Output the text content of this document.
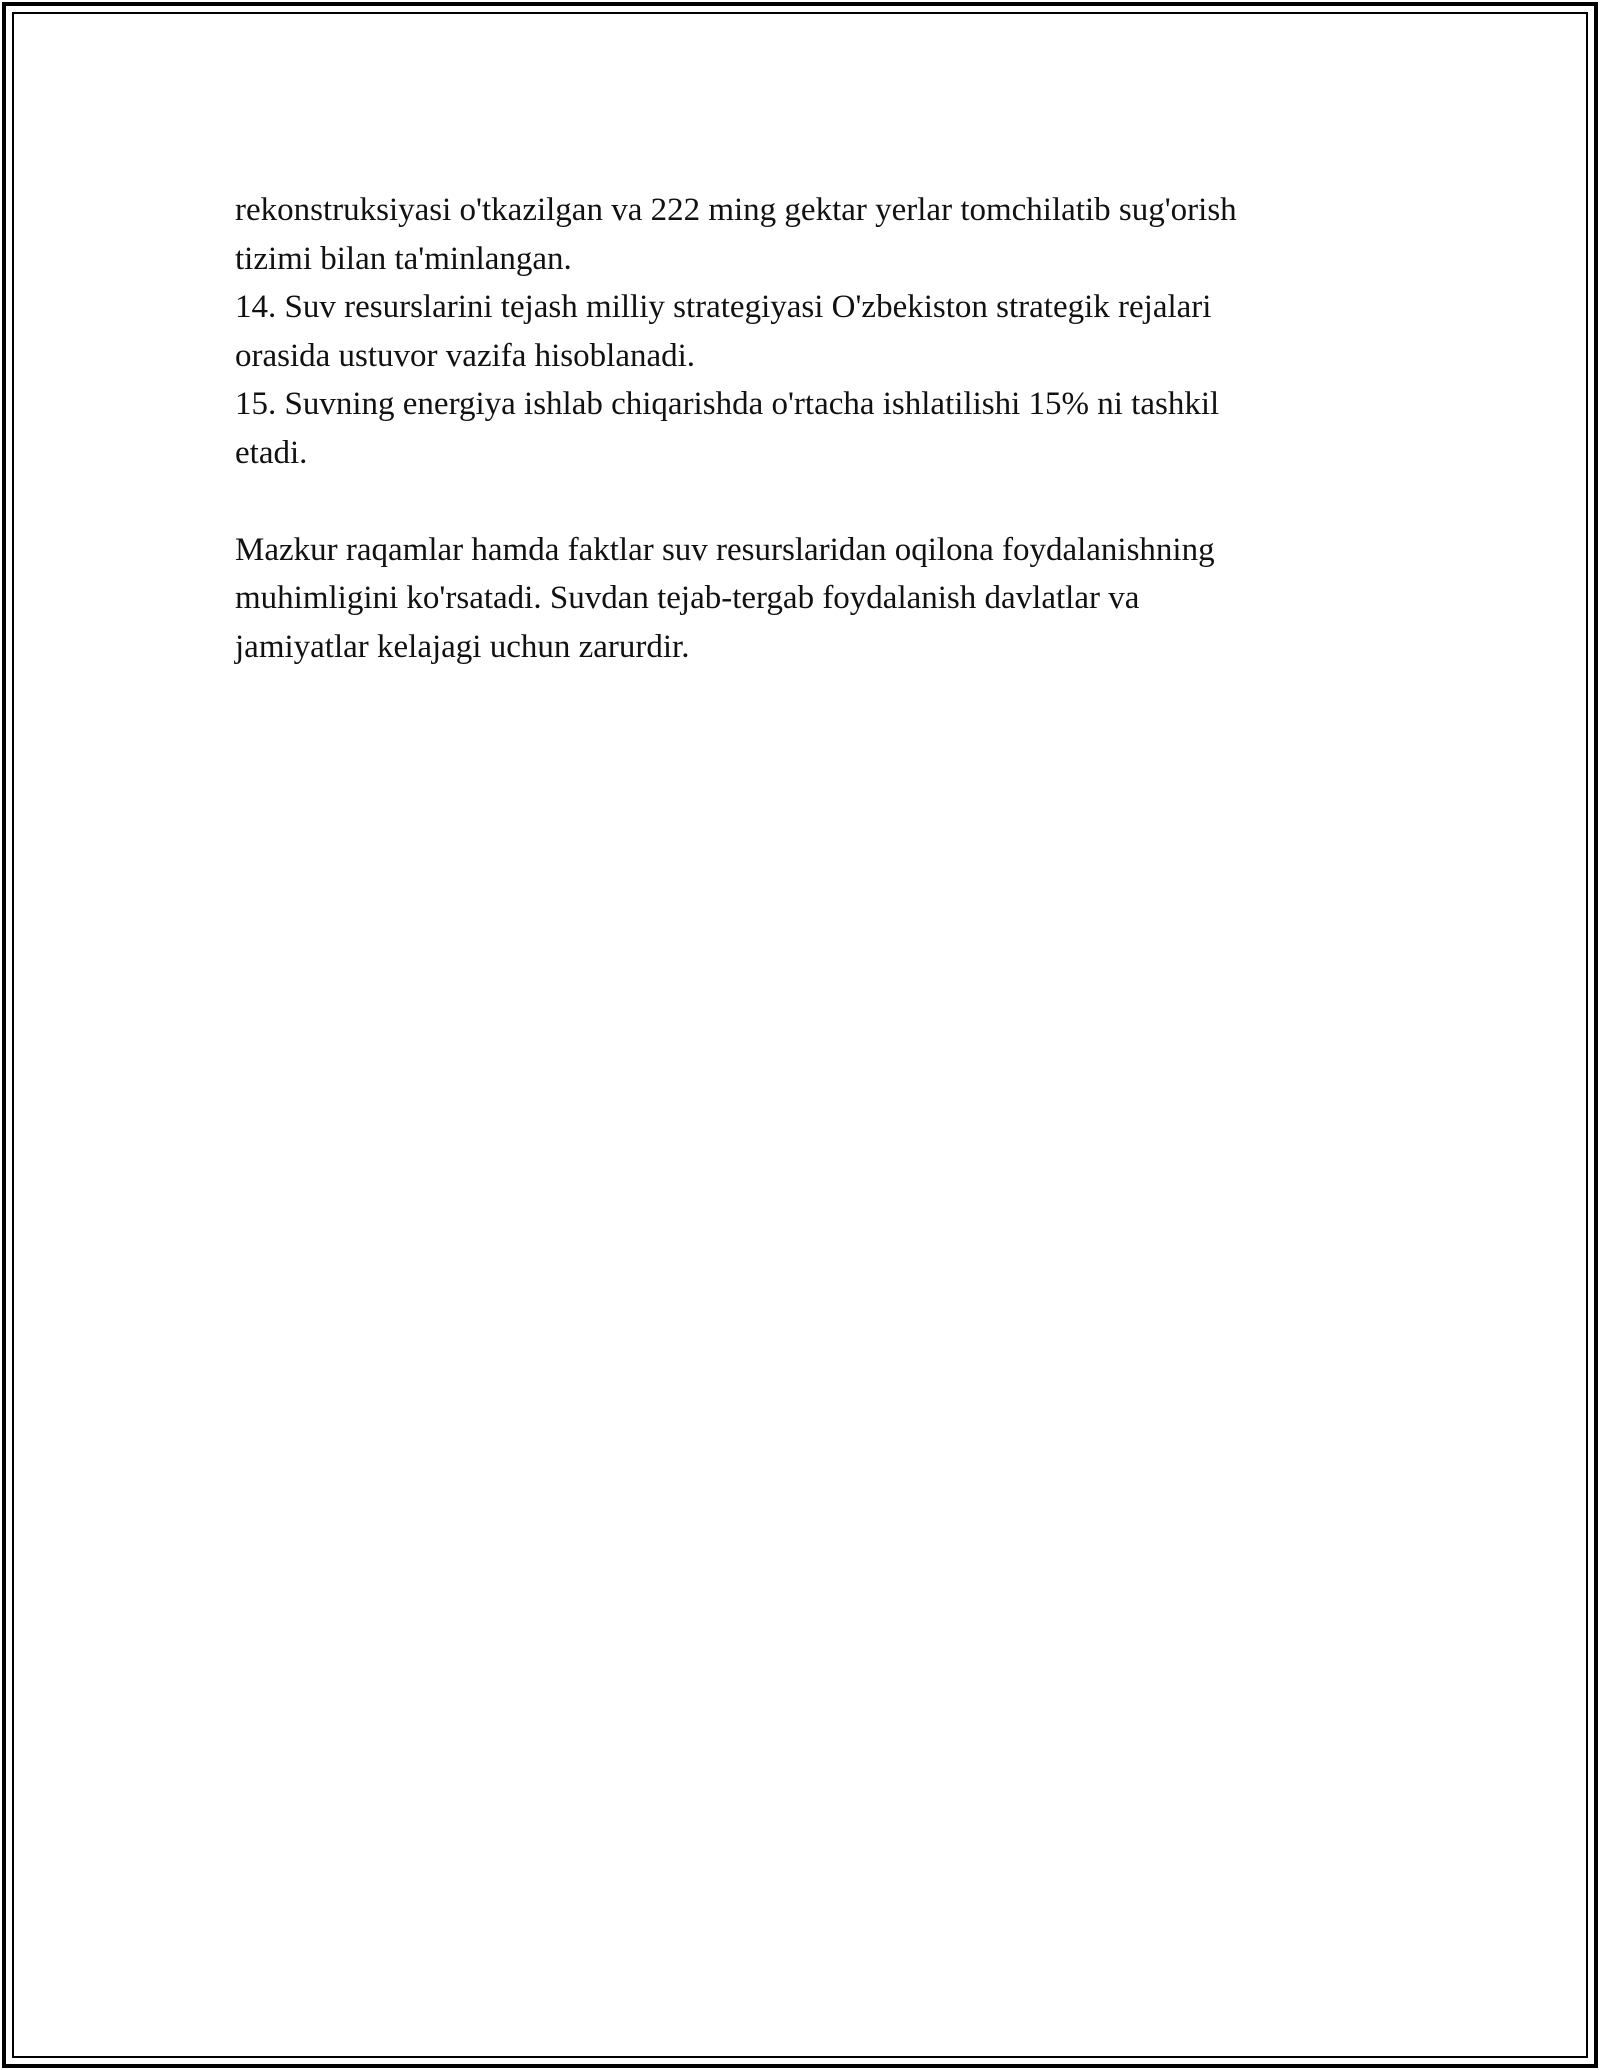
rekonstruksiyasi o'tkazilgan va 222 ming gektar yerlar tomchilatib sug'orish

tizimi bilan ta'minlangan.

14. Suv resurslarini tejash milliy strategiyasi O'zbekiston strategik rejalari

orasida ustuvor vazifa hisoblanadi.

15. Suvning energiya ishlab chiqarishda o'rtacha ishlatilishi 15% ni tashkil

etadi.

Mazkur raqamlar hamda faktlar suv resurslaridan oqilona foydalanishning

muhimligini ko'rsatadi. Suvdan tejab-tergab foydalanish davlatlar va

jamiyatlar kelajagi uchun zarurdir.
